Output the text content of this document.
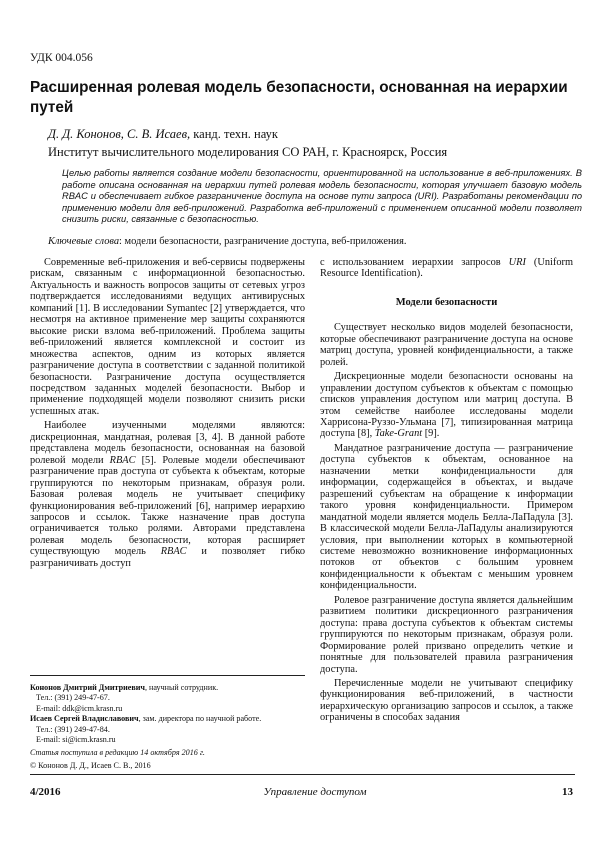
УДК 004.056
Расширенная ролевая модель безопасности, основанная на иерархии путей
Д. Д. Кононов, С. В. Исаев, канд. техн. наук
Институт вычислительного моделирования СО РАН, г. Красноярск, Россия

Целью работы является создание модели безопасности, ориентированной на использование в веб-приложениях. В работе описана основанная на иерархии путей ролевая модель безопасности, которая улучшает базовую модель RBAC и обеспечивает гибкое разграничение доступа на основе пути запроса (URI). Разработаны рекомендации по применению модели для веб-приложений. Разработка веб-приложений с применением описанной модели позволяет снизить риски, связанные с безопасностью.

Ключевые слова: модели безопасности, разграничение доступа, веб-приложения.

Современные веб-приложения и веб-сервисы подвержены рискам, связанным с информационной безопасностью. Актуальность и важность вопросов защиты от сетевых угроз подтверждается исследованиями ведущих антивирусных компаний [1]. В исследовании Symantec [2] утверждается, что несмотря на активное применение мер защиты сохраняются высокие риски взлома веб-приложений. Проблема защиты веб-приложений является комплексной и состоит из множества аспектов, одним из которых является разграничение доступа в соответствии с заданной политикой безопасности. Разграничение доступа осуществляется посредством заданных моделей безопасности. Выбор и применение подходящей модели позволяют снизить риски успешных атак.

Наиболее изученными моделями являются: дискреционная, мандатная, ролевая [3, 4]. В данной работе представлена модель безопасности, основанная на базовой ролевой модели RBAC [5]. Ролевые модели обеспечивают разграничение прав доступа от субъекта к объектам, которые группируются по некоторым признакам, образуя роли. Базовая ролевая модель не учитывает специфику функционирования веб-приложений [6], например иерархию запросов и ссылок. Также назначение прав доступа ограничивается только ролями. Авторами представлена ролевая модель безопасности, которая расширяет существующую модель RBAC и позволяет гибко разграничивать доступ

с использованием иерархии запросов URI (Uniform Resource Identification).

Модели безопасности

Существует несколько видов моделей безопасности, которые обеспечивают разграничение доступа на основе матриц доступа, уровней конфиденциальности, а также ролей.

Дискреционные модели безопасности основаны на управлении доступом субъектов к объектам с помощью списков управления доступом или матриц доступа. В этом семействе наиболее исследованы модели Харрисона-Руззо-Ульмана [7], типизированная матрица доступа [8], Take-Grant [9].

Мандатное разграничение доступа — разграничение доступа субъектов к объектам, основанное на назначении метки конфиденциальности для информации, содержащейся в объектах, и выдаче разрешений субъектам на обращение к информации такого уровня конфиденциальности. Примером мандатной модели является модель Белла-ЛаПадула [3]. В классической модели Белла-ЛаПадулы анализируются условия, при выполнении которых в компьютерной системе невозможно возникновение информационных потоков от объектов с большим уровнем конфиденциальности к объектам с меньшим уровнем конфиденциальности.

Ролевое разграничение доступа является дальнейшим развитием политики дискреционного разграничения доступа: права доступа субъектов к объектам системы группируются по некоторым признакам, образуя роли. Формирование ролей призвано определить четкие и понятные для пользователей правила разграничения доступа.

Перечисленные модели не учитывают специфику функционирования веб-приложений, в частности иерархическую организацию запросов и ссылок, а также ограничены в способах задания

Кононов Дмитрий Дмитриевич, научный сотрудник.
Тел.: (391) 249-47-67.
E-mail: ddk@icm.krasn.ru
Исаев Сергей Владиславович, зам. директора по научной работе.
Тел.: (391) 249-47-84.
E-mail: si@icm.krasn.ru
Статья поступила в редакцию 14 октября 2016 г.
© Кононов Д. Д., Исаев С. В., 2016
4/2016	Управление доступом	13
